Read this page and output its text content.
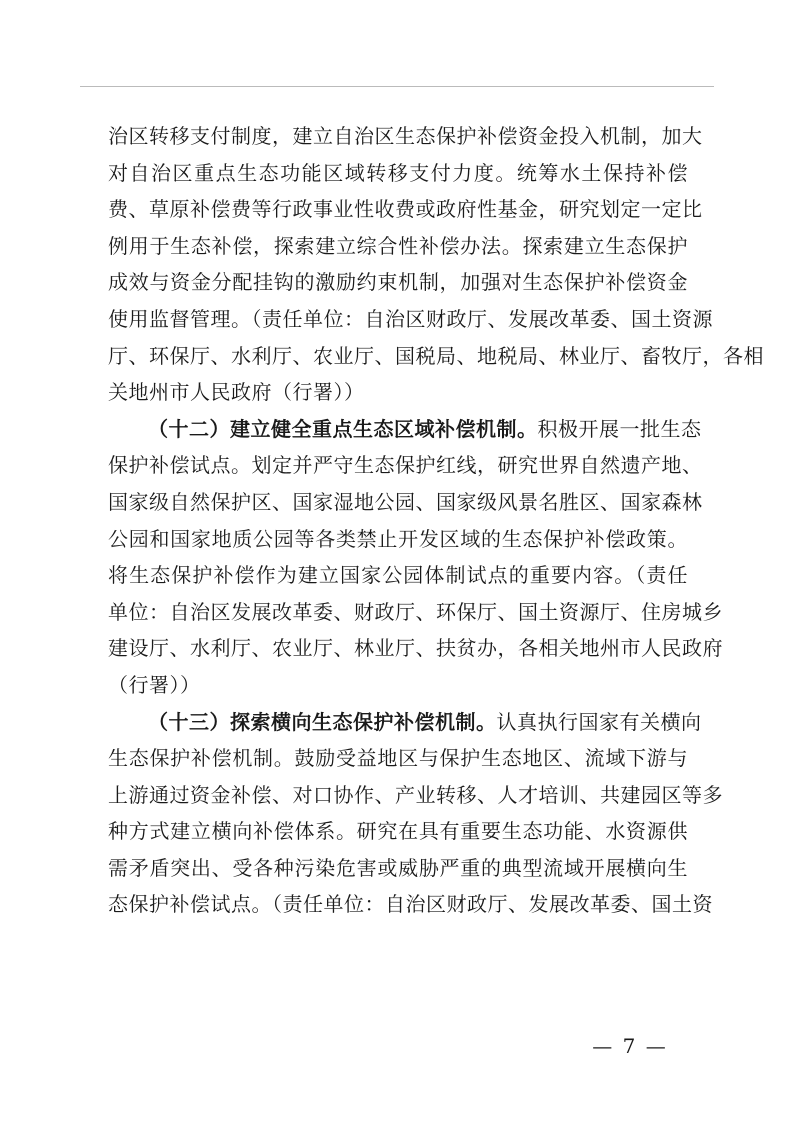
治区转移支付制度，建立自治区生态保护补偿资金投入机制，加大
对自治区重点生态功能区域转移支付力度。统筹水土保持补偿
费、草原补偿费等行政事业性收费或政府性基金，研究划定一定比
例用于生态补偿，探索建立综合性补偿办法。探索建立生态保护
成效与资金分配挂钩的激励约束机制，加强对生态保护补偿资金
使用监督管理。（责任单位：自治区财政厅、发展改革委、国土资源
厅、环保厅、水利厅、农业厅、国税局、地税局、林业厅、畜牧厅，各相
关地州市人民政府（行署））
（十二）建立健全重点生态区域补偿机制。积极开展一批生态
保护补偿试点。划定并严守生态保护红线，研究世界自然遗产地、
国家级自然保护区、国家湿地公园、国家级风景名胜区、国家森林
公园和国家地质公园等各类禁止开发区域的生态保护补偿政策。
将生态保护补偿作为建立国家公园体制试点的重要内容。（责任
单位：自治区发展改革委、财政厅、环保厅、国土资源厅、住房城乡
建设厅、水利厅、农业厅、林业厅、扶贫办，各相关地州市人民政府
（行署））
（十三）探索横向生态保护补偿机制。认真执行国家有关横向
生态保护补偿机制。鼓励受益地区与保护生态地区、流域下游与
上游通过资金补偿、对口协作、产业转移、人才培训、共建园区等多
种方式建立横向补偿体系。研究在具有重要生态功能、水资源供
需矛盾突出、受各种污染危害或威胁严重的典型流域开展横向生
态保护补偿试点。（责任单位：自治区财政厅、发展改革委、国土资
— 7 —
